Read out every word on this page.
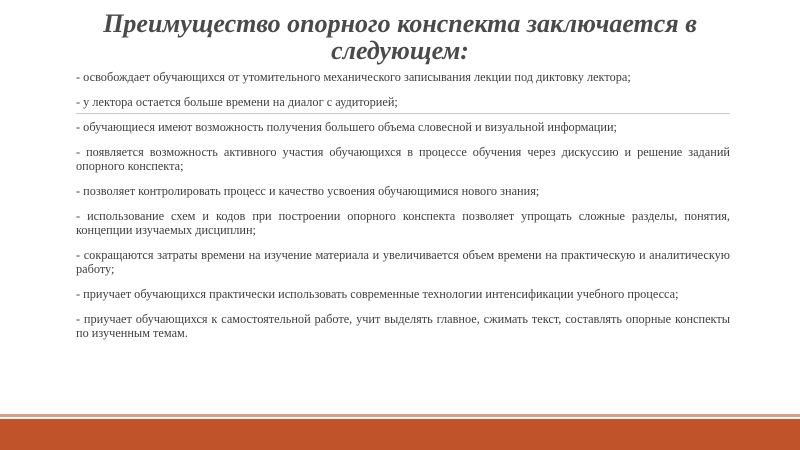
Преимущество опорного конспекта заключается в следующем:
- освобождает обучающихся от утомительного механического записывания лекции под диктовку лектора;
- у лектора остается больше времени на диалог с аудиторией;
- обучающиеся имеют возможность получения большего объема словесной и визуальной информации;
- появляется возможность активного участия обучающихся в процессе обучения через дискуссию и решение заданий опорного конспекта;
- позволяет контролировать процесс и качество усвоения обучающимися нового знания;
- использование схем и кодов при построении опорного конспекта позволяет упрощать сложные разделы, понятия, концепции изучаемых дисциплин;
- сокращаются затраты времени на изучение материала и увеличивается объем времени на практическую и аналитическую работу;
- приучает обучающихся практически использовать современные технологии интенсификации учебного процесса;
- приучает обучающихся к самостоятельной работе, учит выделять главное, сжимать текст, составлять опорные конспекты по изученным темам.
